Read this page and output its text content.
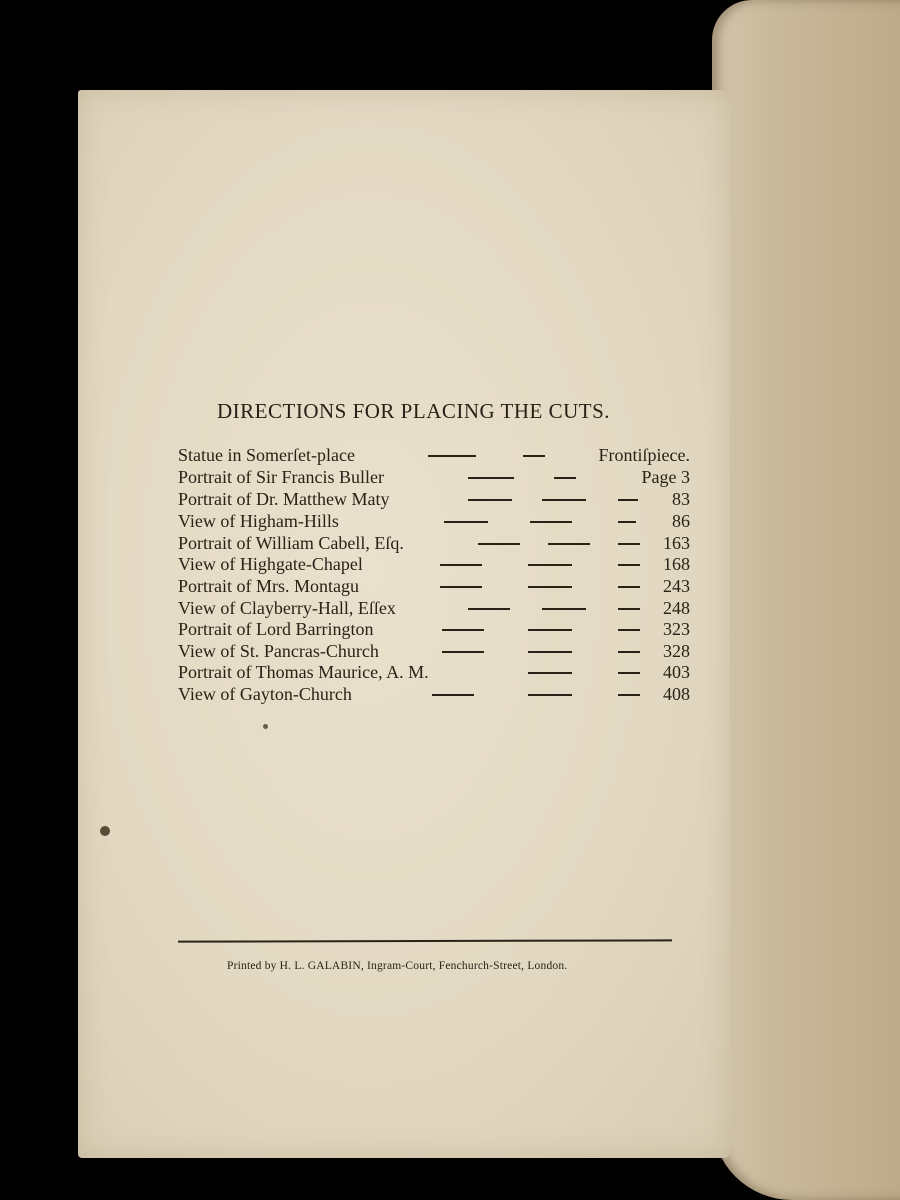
DIRECTIONS FOR PLACING THE CUTS.
Statue in Somerſet-place	Frontiſpiece.
Portrait of Sir Francis Buller	Page 3
Portrait of Dr. Matthew Maty	83
View of Higham-Hills	86
Portrait of William Cabell, Eſq.	163
View of Highgate-Chapel	168
Portrait of Mrs. Montagu	243
View of Clayberry-Hall, Eſſex	248
Portrait of Lord Barrington	323
View of St. Pancras-Church	328
Portrait of Thomas Maurice, A. M.	403
View of Gayton-Church	408
Printed by H. L. GALABIN, Ingram-Court, Fenchurch-Street, London.
